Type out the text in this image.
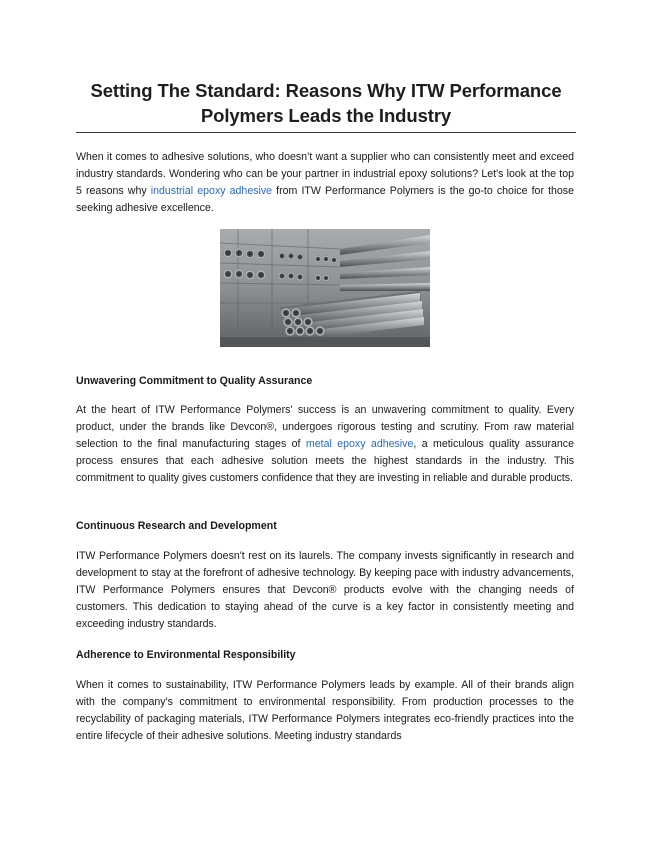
Setting The Standard: Reasons Why ITW Performance
Polymers Leads the Industry

When it comes to adhesive solutions, who doesn’t want a supplier who can consistently meet and exceed industry standards. Wondering who can be your partner in industrial epoxy solutions? Let's look at the top 5 reasons why industrial epoxy adhesive from ITW Performance Polymers is the go-to choice for those seeking adhesive excellence.

Unwavering Commitment to Quality Assurance

At the heart of ITW Performance Polymers' success is an unwavering commitment to quality. Every product, under the brands like Devcon®, undergoes rigorous testing and scrutiny. From raw material selection to the final manufacturing stages of metal epoxy adhesive, a meticulous quality assurance process ensures that each adhesive solution meets the highest standards in the industry. This commitment to quality gives customers confidence that they are investing in reliable and durable products.

Continuous Research and Development

ITW Performance Polymers doesn't rest on its laurels. The company invests significantly in research and development to stay at the forefront of adhesive technology. By keeping pace with industry advancements, ITW Performance Polymers ensures that Devcon® products evolve with the changing needs of customers. This dedication to staying ahead of the curve is a key factor in consistently meeting and exceeding industry standards.

Adherence to Environmental Responsibility

When it comes to sustainability, ITW Performance Polymers leads by example. All of their brands align with the company's commitment to environmental responsibility. From production processes to the recyclability of packaging materials, ITW Performance Polymers integrates eco-friendly practices into the entire lifecycle of their adhesive solutions. Meeting industry standards
